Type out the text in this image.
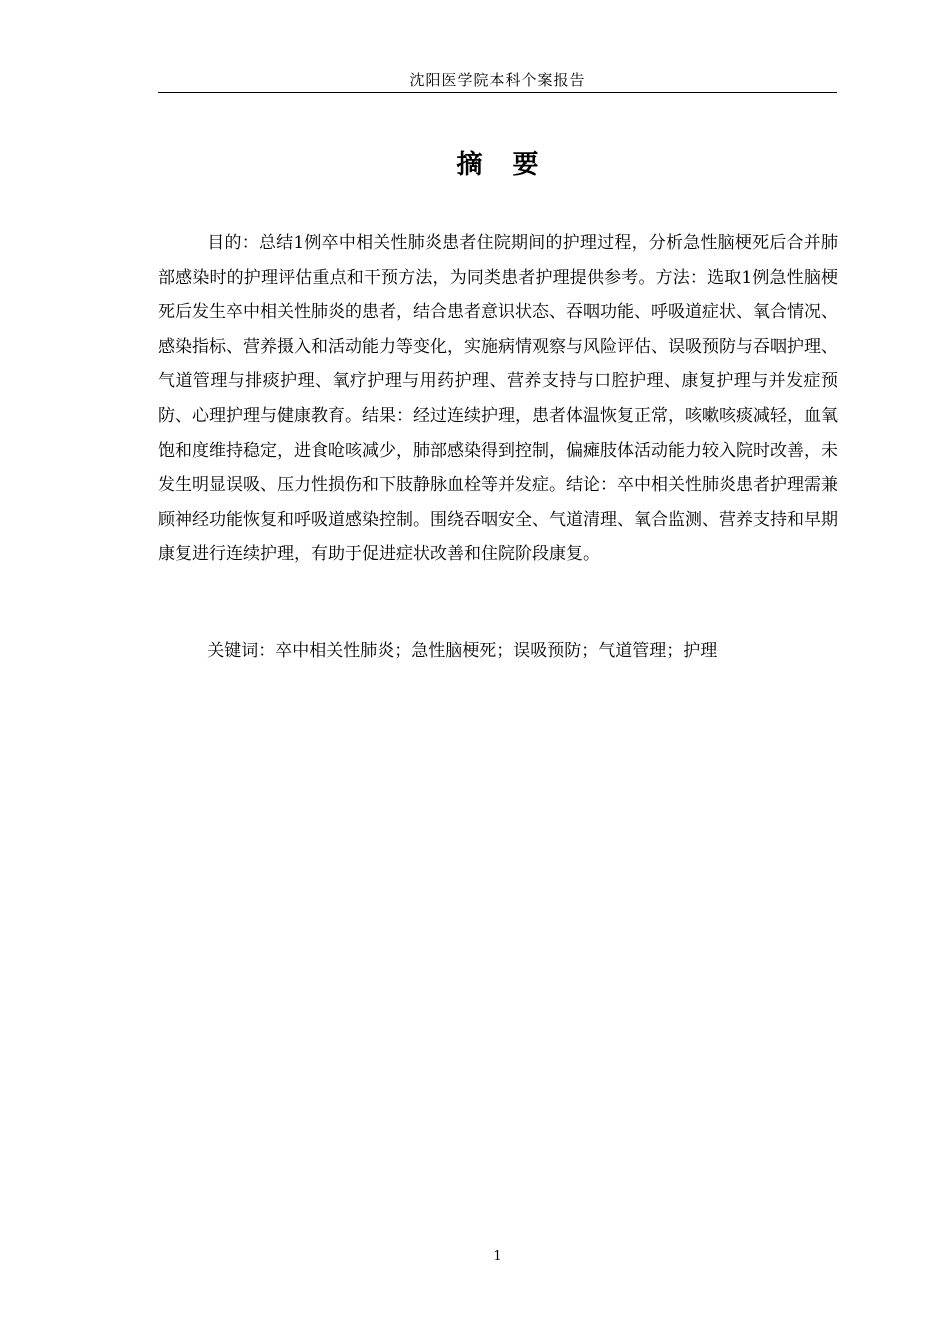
沈阳医学院本科个案报告
摘要

目的：总结1例卒中相关性肺炎患者住院期间的护理过程，分析急性脑梗死后合并肺部感染时的护理评估重点和干预方法，为同类患者护理提供参考。方法：选取1例急性脑梗死后发生卒中相关性肺炎的患者，结合患者意识状态、吞咽功能、呼吸道症状、氧合情况、感染指标、营养摄入和活动能力等变化，实施病情观察与风险评估、误吸预防与吞咽护理、气道管理与排痰护理、氧疗护理与用药护理、营养支持与口腔护理、康复护理与并发症预防、心理护理与健康教育。结果：经过连续护理，患者体温恢复正常，咳嗽咳痰减轻，血氧饱和度维持稳定，进食呛咳减少，肺部感染得到控制，偏瘫肢体活动能力较入院时改善，未发生明显误吸、压力性损伤和下肢静脉血栓等并发症。结论：卒中相关性肺炎患者护理需兼顾神经功能恢复和呼吸道感染控制。围绕吞咽安全、气道清理、氧合监测、营养支持和早期康复进行连续护理，有助于促进症状改善和住院阶段康复。

关键词：卒中相关性肺炎；急性脑梗死；误吸预防；气道管理；护理

1
